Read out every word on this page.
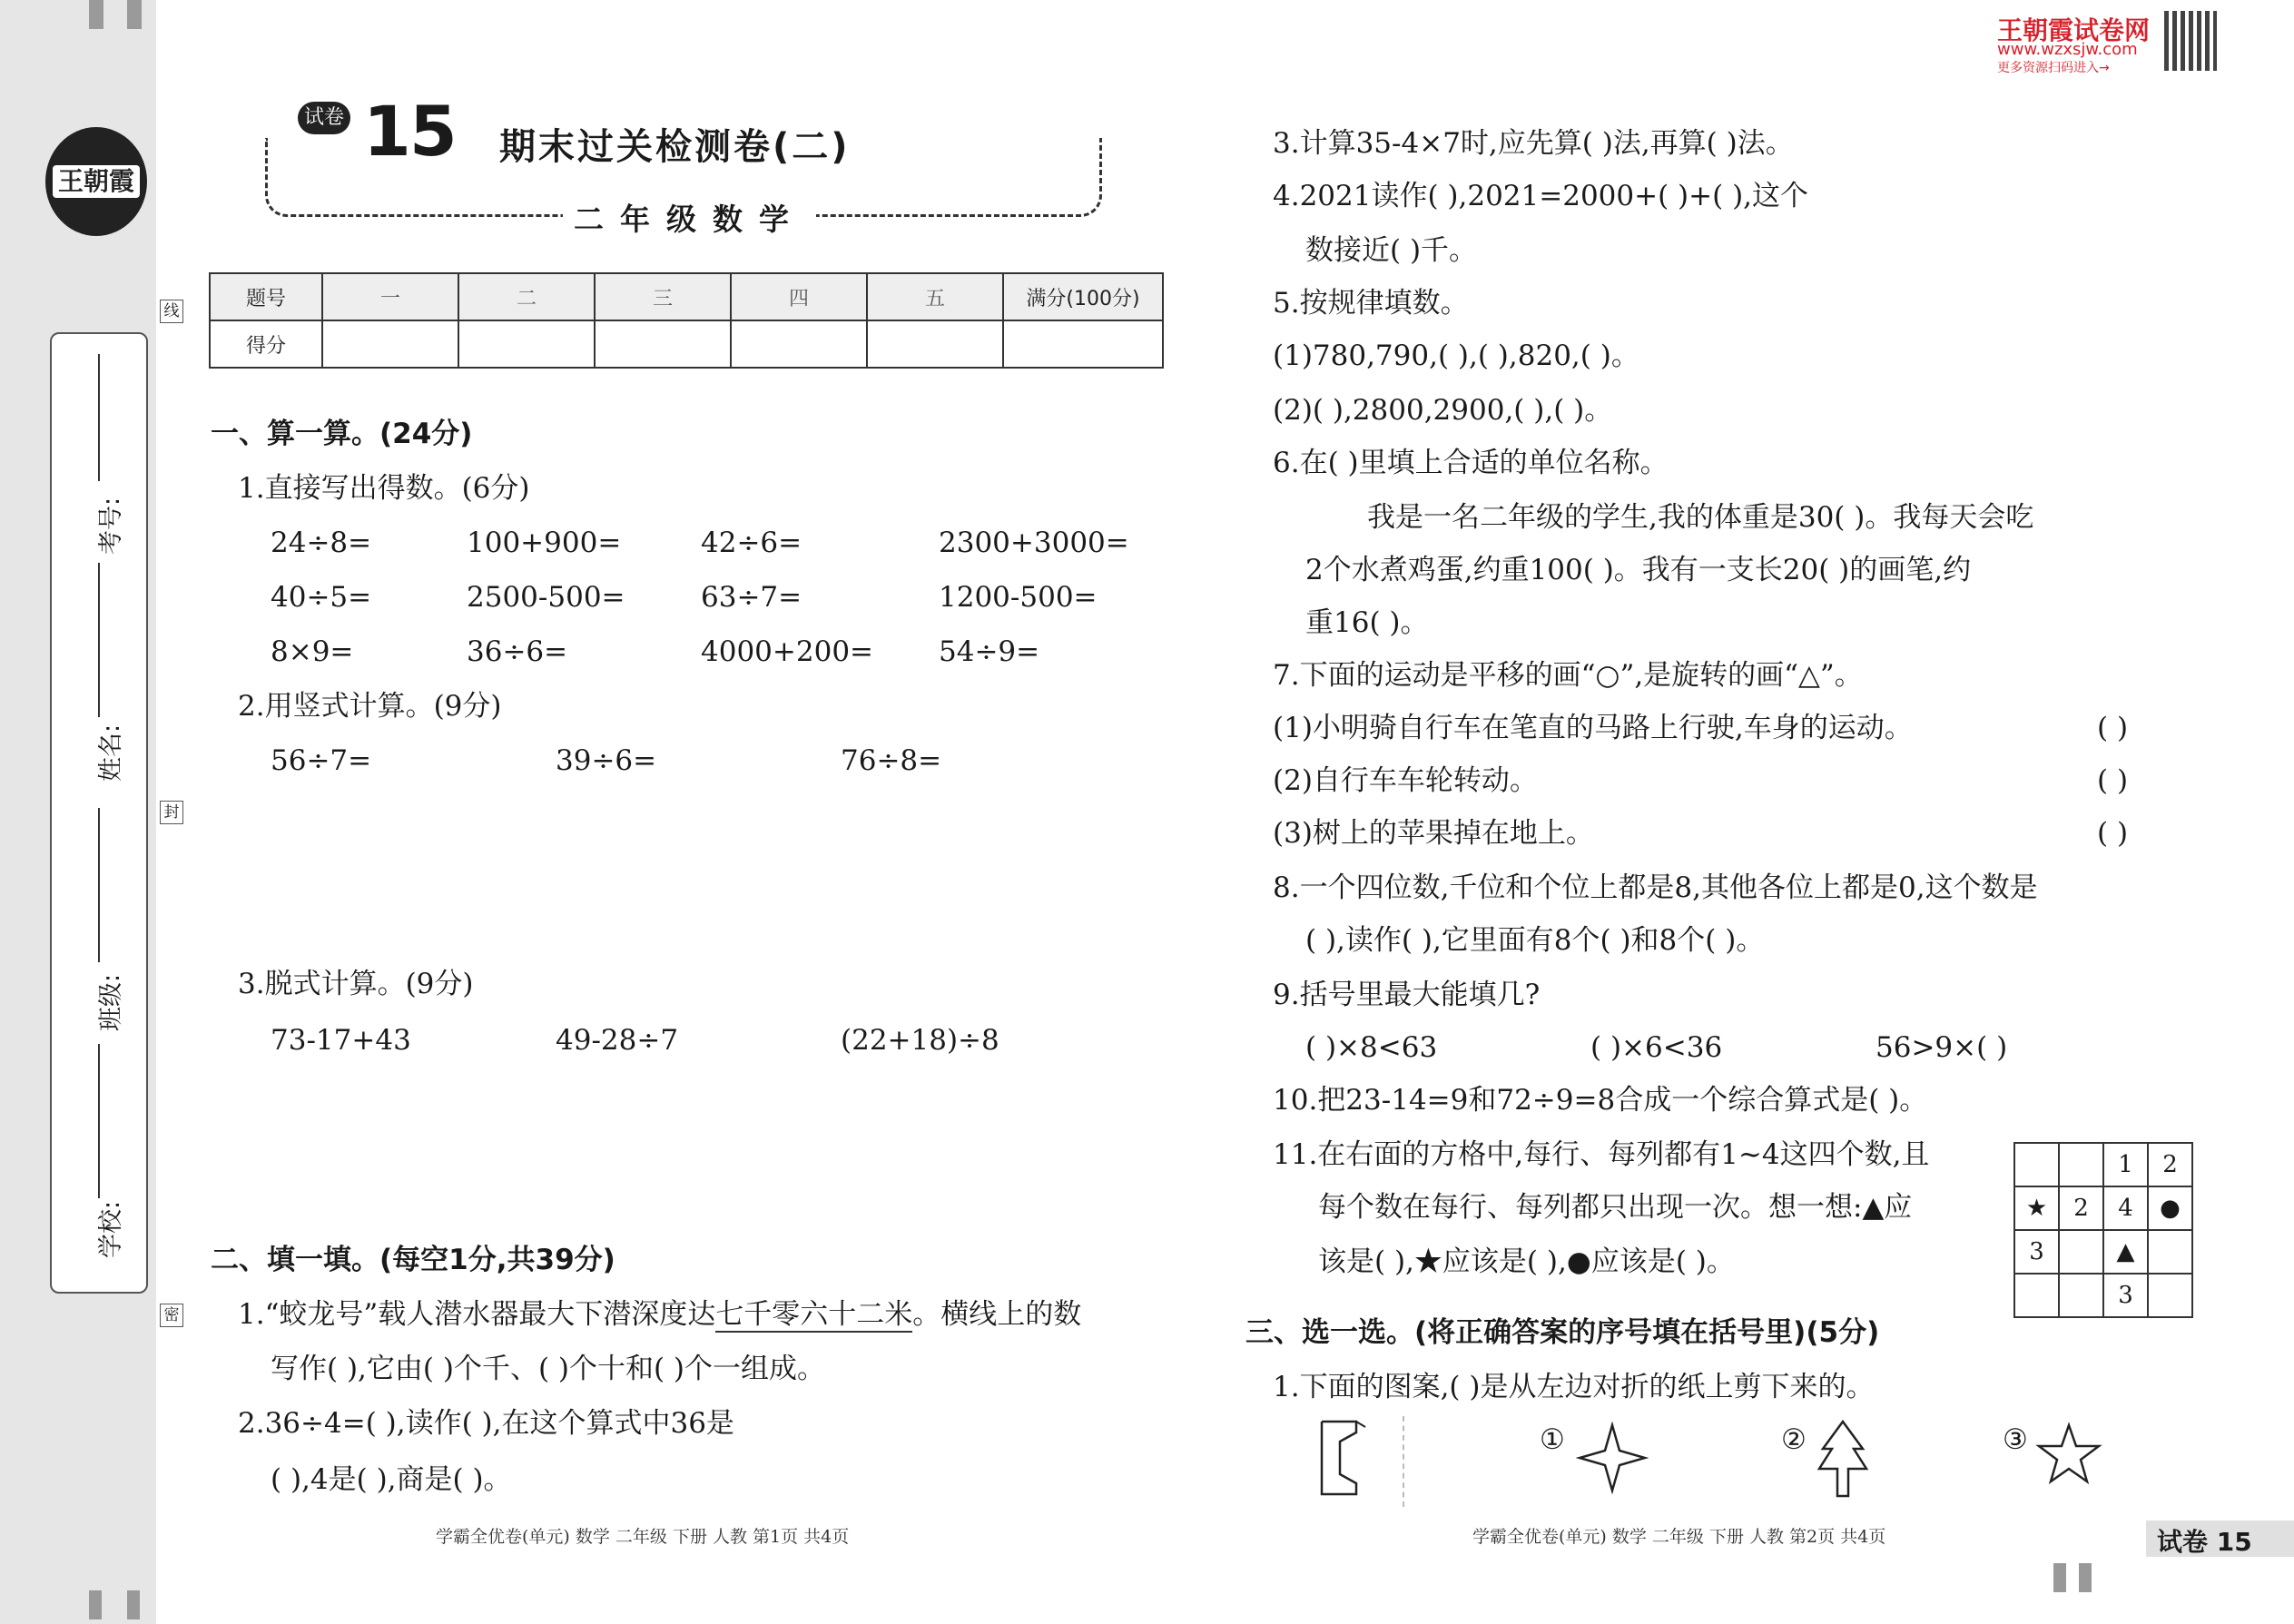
王朝霞
考号:
姓名:
班级:
学校:
线
封
密
王朝霞试卷网
www.wzxsjw.com
更多资源扫码进入→
试卷 15 期末过关检测卷(二)
二年级数学
题号	一	二	三	四	五	满分(100分)
得分						
一、算一算。(24分)
1.直接写出得数。(6分)
24÷8=	100+900=	42÷6=	2300+3000=
40÷5=	2500-500=	63÷7=	1200-500=
8×9=	36÷6=	4000+200= 54÷9=
2.用竖式计算。(9分)
56÷7=	39÷6=	76÷8=
3.脱式计算。(9分)
73-17+43	49-28÷7	(22+18)÷8
二、填一填。(每空1分,共39分)
1.“蛟龙号”载人潜水器最大下潜深度达七千零六十二米。横线上的数
写作( ),它由( )个千、( )个十和( )个一组成。
2.36÷4=( ),读作( ),在这个算式中36是
( ),4是( ),商是( )。
学霸全优卷(单元) 数学 二年级 下册 人教 第1页 共4页
3.计算35-4×7时,应先算( )法,再算( )法。
4.2021读作( ),2021=2000+( )+( ),这个
数接近( )千。
5.按规律填数。
(1)780,790,( ),( ),820,( )。
(2)( ),2800,2900,( ),( )。
6.在( )里填上合适的单位名称。
我是一名二年级的学生,我的体重是30( )。我每天会吃
2个水煮鸡蛋,约重100( )。我有一支长20( )的画笔,约
重16( )。
7.下面的运动是平移的画“○”,是旋转的画“△”。
(1)小明骑自行车在笔直的马路上行驶,车身的运动。	( )
(2)自行车车轮转动。	( )
(3)树上的苹果掉在地上。	( )
8.一个四位数,千位和个位上都是8,其他各位上都是0,这个数是
( ),读作( ),它里面有8个( )和8个( )。
9.括号里最大能填几?
( )×8<63	( )×6<36	56>9×( )
10.把23-14=9和72÷9=8合成一个综合算式是( )。
11.在右面的方格中,每行、每列都有1~4这四个数,且
每个数在每行、每列都只出现一次。想一想:▲应
该是( ),★应该是( ),●应该是( )。
		1	2
★	2	4	●
3		▲	
		3	
三、选一选。(将正确答案的序号填在括号里)(5分)
1.下面的图案,( )是从左边对折的纸上剪下来的。
①	②	③
学霸全优卷(单元) 数学 二年级 下册 人教 第2页 共4页	试卷 15
